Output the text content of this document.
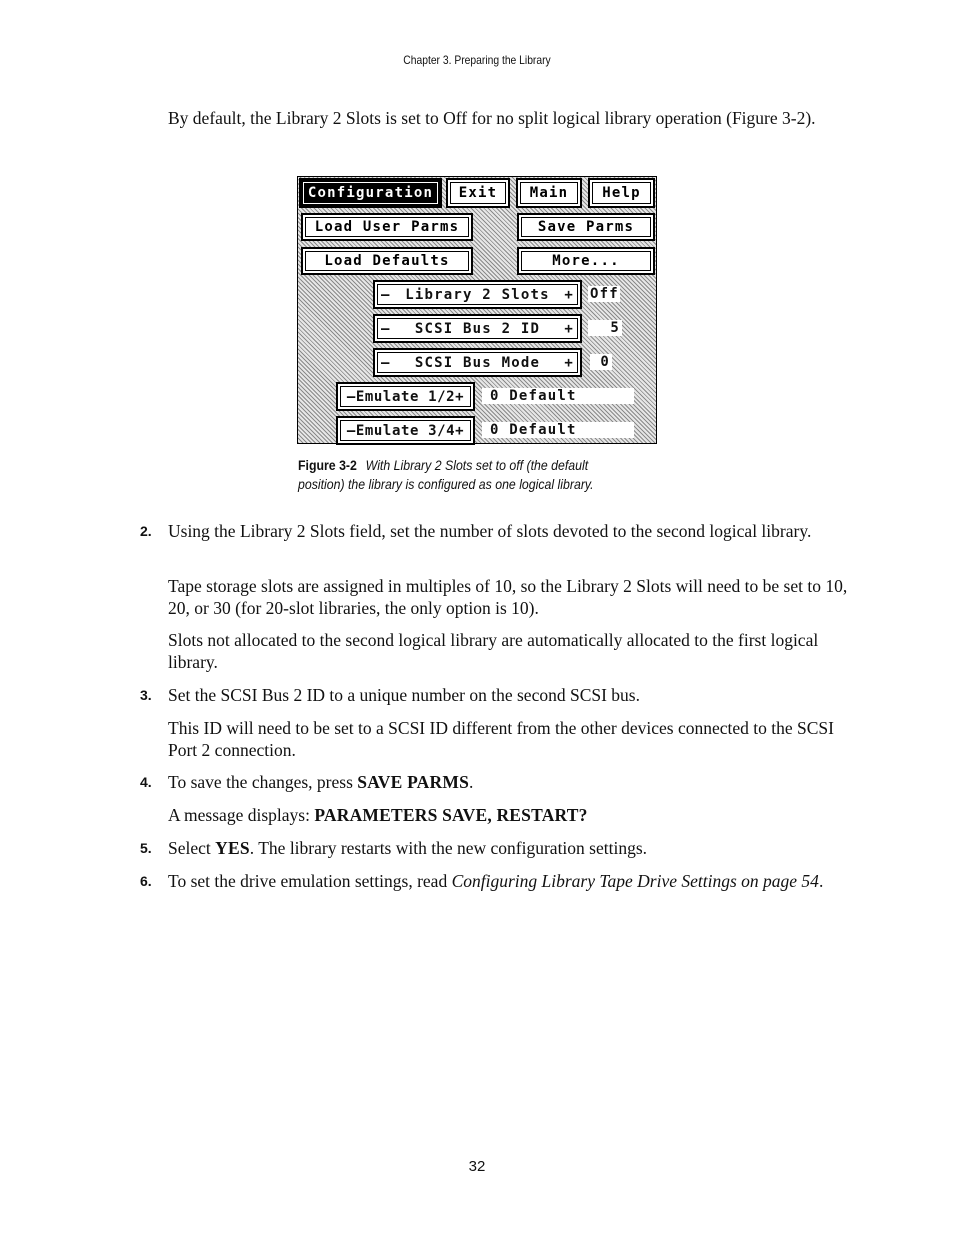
Chapter 3. Preparing the Library

By default, the Library 2 Slots is set to Off for no split logical library operation (Figure 3-2).

Configuration	Exit	Main	Help
Load User Parms	Save Parms
Load Defaults	More...
– Library 2 Slots + Off
– SCSI Bus 2 ID +	5
– SCSI Bus Mode +	0
–Emulate 1/2+	0 Default
–Emulate 3/4+	0 Default
Figure 3-2 With Library 2 Slots set to off (the default position) the library is configured as one logical library.
2. Using the Library 2 Slots field, set the number of slots devoted to the second logical library.

Tape storage slots are assigned in multiples of 10, so the Library 2 Slots will need to be set to 10, 20, or 30 (for 20-slot libraries, the only option is 10).

Slots not allocated to the second logical library are automatically allocated to the first logical library.

3. Set the SCSI Bus 2 ID to a unique number on the second SCSI bus.

This ID will need to be set to a SCSI ID different from the other devices connected to the SCSI Port 2 connection.

4. To save the changes, press SAVE PARMS.

A message displays: PARAMETERS SAVE, RESTART?

5. Select YES. The library restarts with the new configuration settings.

6. To set the drive emulation settings, read Configuring Library Tape Drive Settings on page 54.

32
